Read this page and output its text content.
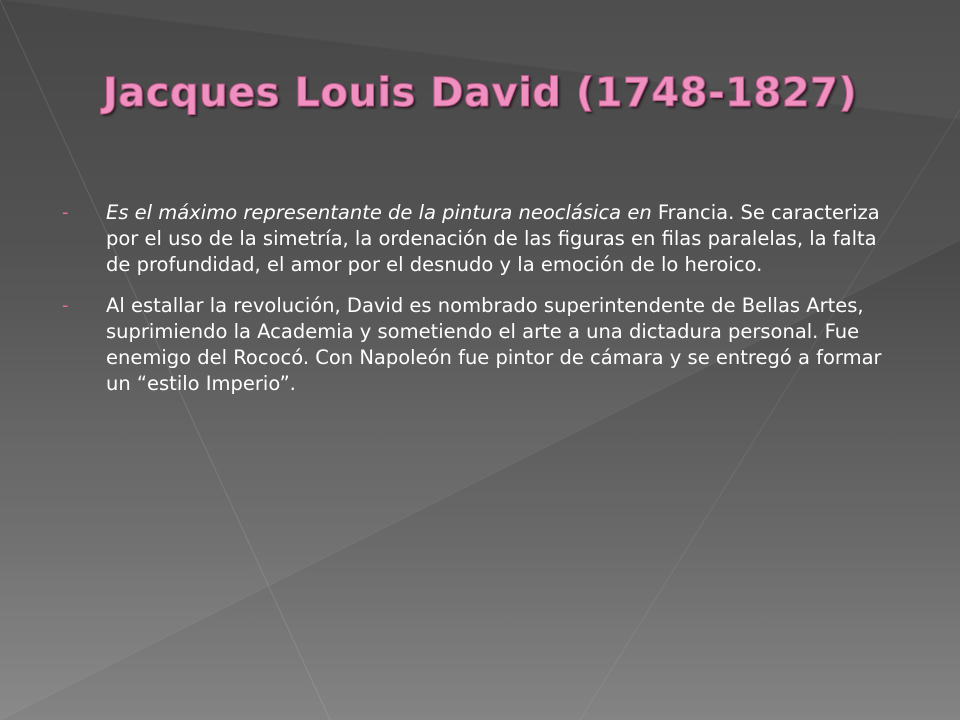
Jacques Louis David (1748-1827)
- Es el máximo representante de la pintura neoclásica en Francia. Se caracteriza por el uso de la simetría, la ordenación de las figuras en filas paralelas, la falta de profundidad, el amor por el desnudo y la emoción de lo heroico.
- Al estallar la revolución, David es nombrado superintendente de Bellas Artes, suprimiendo la Academia y sometiendo el arte a una dictadura personal. Fue enemigo del Rococó. Con Napoleón fue pintor de cámara y se entregó a formar un “estilo Imperio”.
